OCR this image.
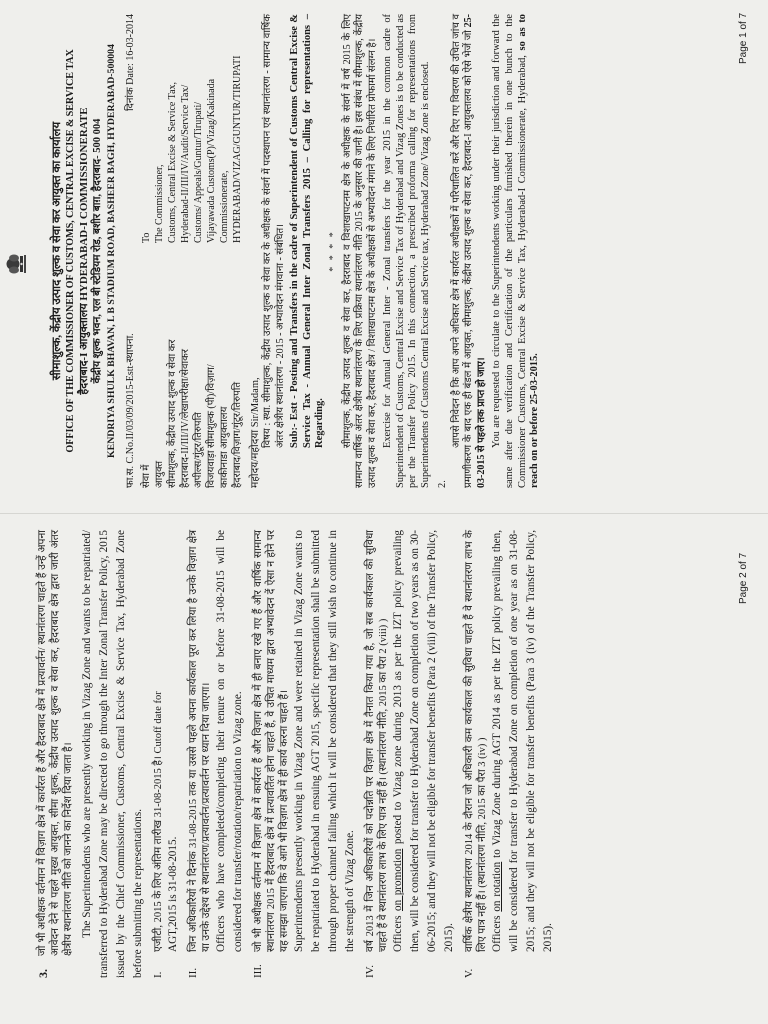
3.
जो भी अधीक्षक वर्तमान में विज़ाग क्षेत्र में कार्यरत हैं और हैदराबाद क्षेत्र में प्रत्यावर्तन/ स्थानांतरण चाहते हैं उन्हें अपना आवेदन देने से पहले मुख्य आयुक्त, सीमा शुल्क, केंद्रीय उत्पाद शुल्क व सेवा कर, हैदराबाद क्षेत्र द्वारा जारी अंतर क्षेत्रीय स्थानांतरण नीति को जानने का निर्देश दिया जाता है। The Superintendents who are presently working in Vizag Zone and wants to be repatriated/ transferred to Hyderabad Zone may be directed to go through the Inter Zonal Transfer Policy, 2015 issued by the Chief Commissioner, Customs, Central Excise & Service Tax, Hyderabad Zone before submitting the representations. I.
एजीटी, 2015 के लिए अंतिम तारीख 31-08-2015 है। Cutoff date for AGT,2015 is 31-08-2015.
II.
जिन अधिकारियों ने दिनांक 31-08-2015 तक या उससे पहले अपना कार्यकाल पूरा कर लिया है उनके विज़ाग क्षेत्र या उनके उद्देश्य से स्थानांतरण/प्रत्यावर्तन/प्रत्यावर्तन पर ध्यान दिया जाएगा। Officers who have completed/completing their tenure on or before 31-08-2015 will be considered for transfer/rotation/repatriation to Vizag zone.
III.
जो भी अधीक्षक वर्तमान में विज़ाग क्षेत्र में कार्यरत हैं और विज़ाग क्षेत्र में ही बनाए रखे गए हैं और वार्षिक सामान्य स्थानांतरण 2015 में हैदराबाद क्षेत्र में प्रत्यावर्तित होना चाहते हैं, वे उचित माध्यम द्वारा अभ्यावेदन दें ऐसा न होने पर यह समझा जाएगा कि वे आगे भी विज़ाग क्षेत्र में ही कार्य करना चाहते हैं। Superintendents presently working in Vizag Zone and were retained in Vizag Zone wants to be repatriated to Hyderabad in ensuing AGT 2015, specific representation shall be submitted through proper channel failing which it will be considered that they still wish to continue in the strength of Vizag Zone.
IV.
वर्ष 2013 में जिन अधिकारियों को पदोन्नति पर विज़ाग क्षेत्र में तैनात किया गया है, जो सब कार्यकाल की सुविधा चाहते हैं वे स्थानांतरण लाभ के लिए पात्र नहीं हैं। (स्थानांतरण नीति, 2015 का पैरा 2 (viii) ) Officers on promotion posted to Vizag zone during 2013 as per the IZT policy prevailing then, will be considered for transfer to Hyderabad Zone on completion of two years as on 30-06-2015; and they will not be eligible for transfer benefits (Para 2 (viii) of the Transfer Policy, 2015).
V.
वार्षिक क्षेत्रीय स्थानांतरण 2014 के दौरान जो अधिकारी कम कार्यकाल की सुविधा चाहते हैं वे स्थानांतरण लाभ के लिए पात्र नहीं हैं। (स्थानांतरण नीति, 2015 का पैरा 3 (iv) ) Officers on rotation to Vizag Zone during AGT 2014 as per the IZT policy prevailing then, will be considered for transfer to Hyderabad Zone on completion of one year as on 31-08-2015; and they will not be eligible for transfer benefits (Para 3 (iv) of the Transfer Policy, 2015).
Page 2 of 7
सीमाशुल्क, केंद्रीय उत्पाद शुल्क व सेवा कर आयुक्त का कार्यालय OFFICE OF THE COMMISSIONER OF CUSTOMS, CENTRAL EXCISE & SERVICE TAX हैदराबाद-I आयुक्तालय HYDERABAD-I COMMISSIONERATE केंद्रीय शुल्क भवन, एल बी स्टेडियम रोड, बशीर बाग़, हैदराबाद- 500 004 KENDRIYA SHULK BHAVAN, L B STADIUM ROAD, BASHEER BAGH, HYDERABAD-500004 फा.स. C.No.II/03/09/2015-Estt-स्थापना.
दिनांक Date: 16-03-2014
सेवा में आयुक्त सीमाशुल्क, केंद्रीय उत्पाद शुल्क व सेवा कर हैदराबाद-II/III/IV/लेखापरीक्षा/सेवाकर अपील्स/गुंटूर/तिरुपति विजयवाड़ा सीमाशुल्क (पी)/विज़ाग/ काकीनाडा आयुक्तालय हैदराबाद/विज़ाग/गुंटूर/तिरुपति
To The Commissioner, Customs, Central Excise & Service Tax, Hyderabad-II/III/IV/Audit/Service Tax/ Customs/ Appeals/Guntur/Tirupati/ Vijayawada Customs(P)/Vizag/Kakinada Commissionerate, HYDERABAD/VIZAG/GUNTUR/TIRUPATI
महोदय/महोदया Sir/Madam, विषय : स्था. सीमाशुल्क, केंद्रीय उत्पाद शुल्क व सेवा कर के अधीक्षक के संवर्ग में पदस्थापन एवं स्थानांतरण - सामान्य वार्षिक अंतर क्षेत्रीय स्थानांतरण - 2015 - अभ्यावेदन मंगवाना - संबंधित। Sub:- Estt - Posting and Transfers in the cadre of Superintendent of Customs Central Excise & Service Tax - Annual General Inter Zonal Transfers 2015 – Calling for representations – Regarding.
* * * * सीमाशुल्क, केंद्रीय उत्पाद शुल्क व सेवा कर, हैदराबाद व विशाखापटनम क्षेत्र के अधीक्षक के संवर्ग में वर्ष 2015 के लिए सामान्य वार्षिक अंतर क्षेत्रीय स्थानांतरण के लिए प्रक्रिया स्थानांतरण नीति 2015 के अनुसार की जानी है। इस संबंध में सीमाशुल्क, केंद्रीय उत्पाद शुल्क व सेवा कर, हैदराबाद क्षेत्र / विशाखापटनम क्षेत्र के अधीक्षकों से अभ्यावेदन मंगाने के लिए निर्धारित प्रोफार्मा संलग्न है। Exercise for Annual General Inter - Zonal transfers for the year 2015 in the common cadre of Superintendent of Customs, Central Excise and Service Tax of Hyderabad and Vizag Zones is to be conducted as per the Transfer Policy 2015. In this connection, a prescribed proforma calling for representations from Superintendents of Customs Central Excise and Service tax, Hyderabad Zone/ Vizag Zone is enclosed. 2.

आपसे निवेदन है कि आप अपने अधिकार क्षेत्र में कार्यरत अधीक्षकों में परिचालित करें और दिए गए विवरण की उचित जांच व प्रमाणीकरण के बाद एक ही बंडल में आयुक्त, सीमाशुल्क, केंद्रीय उत्पाद शुल्क व सेवा कर, हैदराबाद-I आयुक्तालय को ऐसे भेजें जो 25-03-2015 से पहले तक प्राप्त हो जाए। You are requested to circulate to the Superintendents working under their jurisdiction and forward the same after due verification and Certification of the particulars furnished therein in one bunch to the Commissioner Customs, Central Excise & Service Tax, Hyderabad-I Commissionerate, Hyderabad, so as to reach on or before 25-03-2015.

Page 1 of 7
